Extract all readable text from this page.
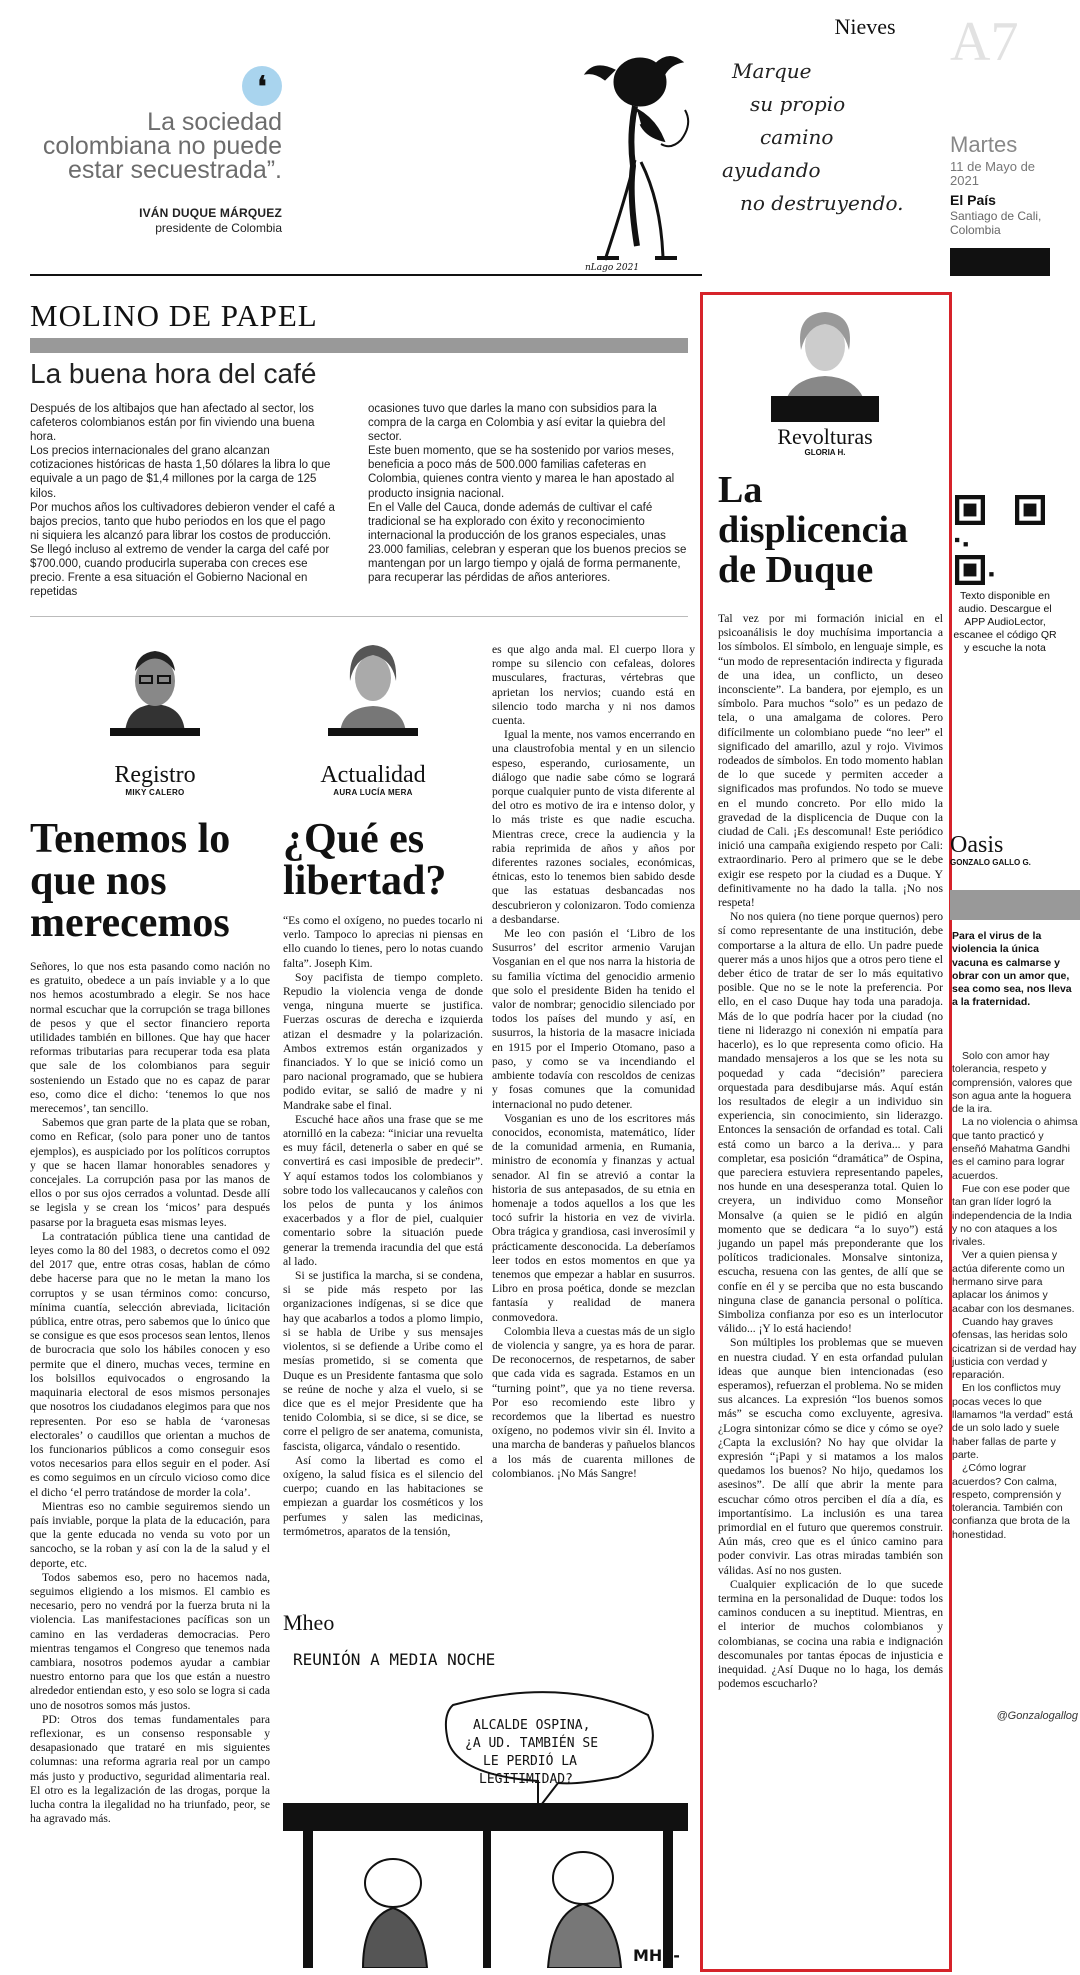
❛
La sociedad colombiana no puede estar secuestrada”.
IVÁN DUQUE MÁRQUEZ
presidente de Colombia
Nieves
nLago 2021
Marque
su propio
camino
ayudando
no destruyendo.
A7
Martes
11 de Mayo de 2021
El País
Santiago de Cali, Colombia
MOLINO DE PAPEL
La buena hora del café

Después de los altibajos que han afectado al sector, los cafeteros colombianos están por fin viviendo una buena hora.

Los precios internacionales del grano alcanzan cotizaciones históricas de hasta 1,50 dólares la libra lo que equivale a un pago de $1,4 millones por la carga de 125 kilos.

Por muchos años los cultivadores debieron vender el café a bajos precios, tanto que hubo periodos en los que el pago ni siquiera les alcanzó para librar los costos de producción.

Se llegó incluso al extremo de vender la carga del café por $700.000, cuando producirla superaba con creces ese precio. Frente a esa situación el Gobierno Nacional en repetidas

ocasiones tuvo que darles la mano con subsidios para la compra de la carga en Colombia y así evitar la quiebra del sector.

Este buen momento, que se ha sostenido por varios meses, beneficia a poco más de 500.000 familias cafeteras en Colombia, quienes contra viento y marea le han apostado al producto insignia nacional.

En el Valle del Cauca, donde además de cultivar el café tradicional se ha explorado con éxito y reconocimiento internacional la producción de los granos especiales, unas 23.000 familias, celebran y esperan que los buenos precios se mantengan por un largo tiempo y ojalá de forma permanente, para recuperar las pérdidas de años anteriores.

Registro
MIKY CALERO
Tenemos lo que nos merecemos

Señores, lo que nos esta pasando como nación no es gratuito, obedece a un país inviable y a lo que nos hemos acostumbrado a elegir. Se nos hace normal escuchar que la corrupción se traga billones de pesos y que el sector financiero reporta utilidades también en billones. Que hay que hacer reformas tributarias para recuperar toda esa plata que sale de los colombianos para seguir sosteniendo un Estado que no es capaz de parar eso, como dice el dicho: ‘tenemos lo que nos merecemos’, tan sencillo.

Sabemos que gran parte de la plata que se roban, como en Reficar, (solo para poner uno de tantos ejemplos), es auspiciado por los políticos corruptos y que se hacen llamar honorables senadores y concejales. La corrupción pasa por las manos de ellos o por sus ojos cerrados a voluntad. Desde allí se legisla y se crean los ‘micos’ para después pasarse por la bragueta esas mismas leyes.

La contratación pública tiene una cantidad de leyes como la 80 del 1983, o decretos como el 092 del 2017 que, entre otras cosas, hablan de cómo debe hacerse para que no le metan la mano los corruptos y se usan términos como: concurso, mínima cuantía, selección abreviada, licitación pública, entre otras, pero sabemos que lo único que se consigue es que esos procesos sean lentos, llenos de burocracia que solo los hábiles conocen y eso permite que el dinero, muchas veces, termine en los bolsillos equivocados o engrosando la maquinaria electoral de esos mismos personajes que nosotros los ciudadanos elegimos para que nos representen. Por eso se habla de ‘varonesas electorales’ o caudillos que orientan a muchos de los funcionarios públicos a como conseguir esos votos necesarios para ellos seguir en el poder. Así es como seguimos en un círculo vicioso como dice el dicho ‘el perro tratándose de morder la cola’.

Mientras eso no cambie seguiremos siendo un país inviable, porque la plata de la educación, para que la gente educada no venda su voto por un sancocho, se la roban y así con la de la salud y el deporte, etc.

Todos sabemos eso, pero no hacemos nada, seguimos eligiendo a los mismos. El cambio es necesario, pero no vendrá por la fuerza bruta ni la violencia. Las manifestaciones pacíficas son un camino en las verdaderas democracias. Pero mientras tengamos el Congreso que tenemos nada cambiara, nosotros podemos ayudar a cambiar nuestro entorno para que los que están a nuestro alrededor entiendan esto, y eso solo se logra si cada uno de nosotros somos más justos.

PD: Otros dos temas fundamentales para reflexionar, es un consenso responsable y desapasionado que trataré en mis siguientes columnas: una reforma agraria real por un campo más justo y productivo, seguridad alimentaria real. El otro es la legalización de las drogas, porque la lucha contra la ilegalidad no ha triunfado, peor, se ha agravado más.

Actualidad
AURA LUCÍA MERA
¿Qué es libertad?

“Es como el oxígeno, no puedes tocarlo ni verlo. Tampoco lo aprecias ni piensas en ello cuando lo tienes, pero lo notas cuando falta”. Joseph Kim.

Soy pacifista de tiempo completo. Repudio la violencia venga de donde venga, ninguna muerte se justifica. Fuerzas oscuras de derecha e izquierda atizan el desmadre y la polarización. Ambos extremos están organizados y financiados. Y lo que se inició como un paro nacional programado, que se hubiera podido evitar, se salió de madre y ni Mandrake sabe el final.

Escuché hace años una frase que se me atornilló en la cabeza: “iniciar una revuelta es muy fácil, detenerla o saber en qué se convertirá es casi imposible de predecir”. Y aquí estamos todos los colombianos y sobre todo los vallecaucanos y caleños con los pelos de punta y los ánimos exacerbados y a flor de piel, cualquier comentario sobre la situación puede generar la tremenda iracundia del que está al lado.

Si se justifica la marcha, si se condena, si se pide más respeto por las organizaciones indígenas, si se dice que hay que acabarlos a todos a plomo limpio, si se habla de Uribe y sus mensajes violentos, si se defiende a Uribe como el mesías prometido, si se comenta que Duque es un Presidente fantasma que solo se reúne de noche y alza el vuelo, si se dice que es el mejor Presidente que ha tenido Colombia, si se dice, si se dice, se corre el peligro de ser anatema, comunista, fascista, oligarca, vándalo o resentido.

Así como la libertad es como el oxígeno, la salud física es el silencio del cuerpo; cuando en las habitaciones se empiezan a guardar los cosméticos y los perfumes y salen las medicinas, termómetros, aparatos de la tensión,

es que algo anda mal. El cuerpo llora y rompe su silencio con cefaleas, dolores musculares, fracturas, vértebras que aprietan los nervios; cuando está en silencio todo marcha y ni nos damos cuenta.

Igual la mente, nos vamos encerrando en una claustrofobia mental y en un silencio espeso, esperando, curiosamente, un diálogo que nadie sabe cómo se logrará porque cualquier punto de vista diferente al del otro es motivo de ira e intenso dolor, y lo más triste es que nadie escucha. Mientras crece, crece la audiencia y la rabia reprimida de años y años por diferentes razones sociales, económicas, étnicas, esto lo tenemos bien sabido desde que las estatuas desbancadas nos descubrieron y colonizaron. Todo comienza a desbandarse.

Me leo con pasión el ‘Libro de los Susurros’ del escritor armenio Varujan Vosganian en el que nos narra la historia de su familia víctima del genocidio armenio que solo el presidente Biden ha tenido el valor de nombrar; genocidio silenciado por todos los países del mundo y así, en susurros, la historia de la masacre iniciada en 1915 por el Imperio Otomano, paso a paso, y como se va incendiando el ambiente todavía con rescoldos de cenizas y fosas comunes que la comunidad internacional no pudo detener.

Vosganian es uno de los escritores más conocidos, economista, matemático, líder de la comunidad armenia, en Rumania, ministro de economía y finanzas y actual senador. Al fin se atrevió a contar la historia de sus antepasados, de su etnia en homenaje a todos aquellos a los que les tocó sufrir la historia en vez de vivirla. Obra trágica y grandiosa, casi inverosímil y prácticamente desconocida. La deberíamos leer todos en estos momentos en que ya tenemos que empezar a hablar en susurros. Libro en prosa poética, donde se mezclan fantasía y realidad de manera conmovedora.

Colombia lleva a cuestas más de un siglo de violencia y sangre, ya es hora de parar. De reconocernos, de respetarnos, de saber que cada vida es sagrada. Estamos en un “turning point”, que ya no tiene reversa. Por eso recomiendo este libro y recordemos que la libertad es nuestro oxígeno, no podemos vivir sin él. Invito a una marcha de banderas y pañuelos blancos a los más de cuarenta millones de colombianos. ¡No Más Sangre!

Mheo
REUNIÓN A MEDIA NOCHE
ALCALDE OSPINA, ¿A UD. TAMBIÉN SE LE PERDIÓ LA LEGITIMIDAD?
MHE-
Revolturas
GLORIA H.
La displicencia de Duque

Tal vez por mi formación inicial en el psicoanálisis le doy muchísima importancia a los símbolos. El símbolo, en lenguaje simple, es “un modo de representación indirecta y figurada de una idea, un conflicto, un deseo inconsciente”. La bandera, por ejemplo, es un símbolo. Para muchos “solo” es un pedazo de tela, o una amalgama de colores. Pero difícilmente un colombiano puede “no leer” el significado del amarillo, azul y rojo. Vivimos rodeados de símbolos. En todo momento hablan de lo que sucede y permiten acceder a significados mas profundos. No todo se mueve en el mundo concreto. Por ello mido la gravedad de la displicencia de Duque con la ciudad de Cali. ¡Es descomunal! Este periódico inició una campaña exigiendo respeto por Cali: extraordinario. Pero al primero que se le debe exigir ese respeto por la ciudad es a Duque. Y definitivamente no ha dado la talla. ¡No nos respeta!

No nos quiera (no tiene porque quernos) pero sí como representante de una institución, debe comportarse a la altura de ello. Un padre puede querer más a unos hijos que a otros pero tiene el deber ético de tratar de ser lo más equitativo posible. Que no se le note la preferencia. Por ello, en el caso Duque hay toda una paradoja. Más de lo que podría hacer por la ciudad (no tiene ni liderazgo ni conexión ni empatía para hacerlo), es lo que representa como oficio. Ha mandado mensajeros a los que se les nota su poquedad y cada “decisión” pareciera orquestada para desdibujarse más. Aquí están los resultados de elegir a un individuo sin experiencia, sin conocimiento, sin liderazgo. Entonces la sensación de orfandad es total. Cali está como un barco a la deriva... y para completar, esa posición “dramática” de Ospina, que pareciera estuviera representando papeles, nos hunde en una desesperanza total. Quien lo creyera, un individuo como Monseñor Monsalve (a quien se le pidió en algún momento que se dedicara “a lo suyo”) está jugando un papel más preponderante que los políticos tradicionales. Monsalve sintoniza, escucha, resuena con las gentes, de allí que se confíe en él y se perciba que no esta buscando ninguna clase de ganancia personal o política. Simboliza confianza por eso es un interlocutor válido... ¡Y lo está haciendo!

Son múltiples los problemas que se mueven en nuestra ciudad. Y en esta orfandad pululan ideas que aunque bien intencionadas (eso esperamos), refuerzan el problema. No se miden sus alcances. La expresión “los buenos somos más” se escucha como excluyente, agresiva. ¿Logra sintonizar cómo se dice y cómo se oye? ¿Capta la exclusión? No hay que olvidar la expresión “¡Papi y si matamos a los malos quedamos los buenos? No hijo, quedamos los asesinos”. De allí que abrir la mente para escuchar cómo otros perciben el día a día, es importantísimo. La inclusión es una tarea primordial en el futuro que queremos construir. Aún más, creo que es el único camino para poder convivir. Las otras miradas también son válidas. Así no nos gusten.

Cualquier explicación de lo que sucede termina en la personalidad de Duque: todos los caminos conducen a su ineptitud. Mientras, en el interior de muchos colombianos y colombianas, se cocina una rabia e indignación descomunales por tantas épocas de injusticia e inequidad. ¿Así Duque no lo haga, los demás podemos escucharlo?

Texto disponible en audio. Descargue el APP AudioLector, escanee el código QR y escuche la nota
Oasis
GONZALO GALLO G.
Para el virus de la violencia la única vacuna es calmarse y obrar con un amor que, sea como sea, nos lleva a la fraternidad.

Solo con amor hay tolerancia, respeto y comprensión, valores que son agua ante la hoguera de la ira.

La no violencia o ahimsa que tanto practicó y enseñó Mahatma Gandhi es el camino para lograr acuerdos.

Fue con ese poder que tan gran líder logró la independencia de la India y no con ataques a los rivales.

Ver a quien piensa y actúa diferente como un hermano sirve para aplacar los ánimos y acabar con los desmanes.

Cuando hay graves ofensas, las heridas solo cicatrizan si de verdad hay justicia con verdad y reparación.

En los conflictos muy pocas veces lo que llamamos “la verdad” está de un solo lado y suele haber fallas de parte y parte.

¿Cómo lograr acuerdos? Con calma, respeto, comprensión y tolerancia. También con confianza que brota de la honestidad.

@Gonzalogallog
